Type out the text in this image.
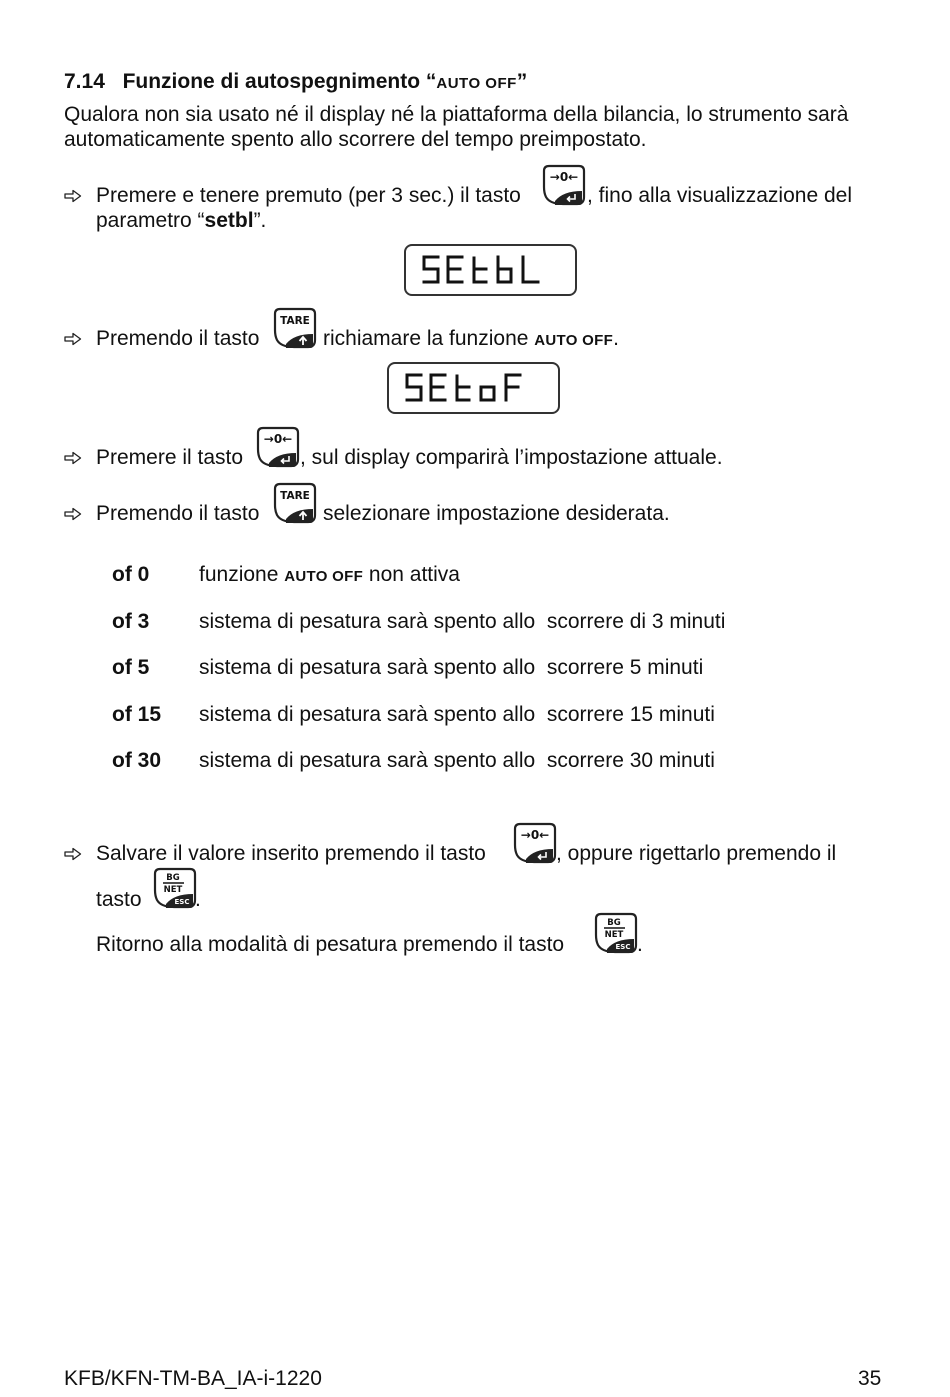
7.14 Funzione di autospegnimento “AUTO OFF”
Qualora non sia usato né il display né la piattaforma della bilancia, lo strumento sarà automaticamente spento allo scorrere del tempo preimpostato.
Premere e tenere premuto (per 3 sec.) il tasto	, fino alla visualizzazione del
parametro “setbl”.
Premendo il tasto	richiamare la funzione AUTO OFF.
Premere il tasto	, sul display comparirà l’impostazione attuale.
Premendo il tasto	selezionare impostazione desiderata.
of 0 funzione AUTO OFF non attiva
of 3 sistema di pesatura sarà spento allo  scorrere di 3 minuti
of 5 sistema di pesatura sarà spento allo  scorrere 5 minuti
of 15 sistema di pesatura sarà spento allo  scorrere 15 minuti
of 30 sistema di pesatura sarà spento allo  scorrere 30 minuti
Salvare il valore inserito premendo il tasto	, oppure rigettarlo premendo il
tasto	.
Ritorno alla modalità di pesatura premendo il tasto	.
KFB/KFN-TM-BA_IA-i-1220	35
